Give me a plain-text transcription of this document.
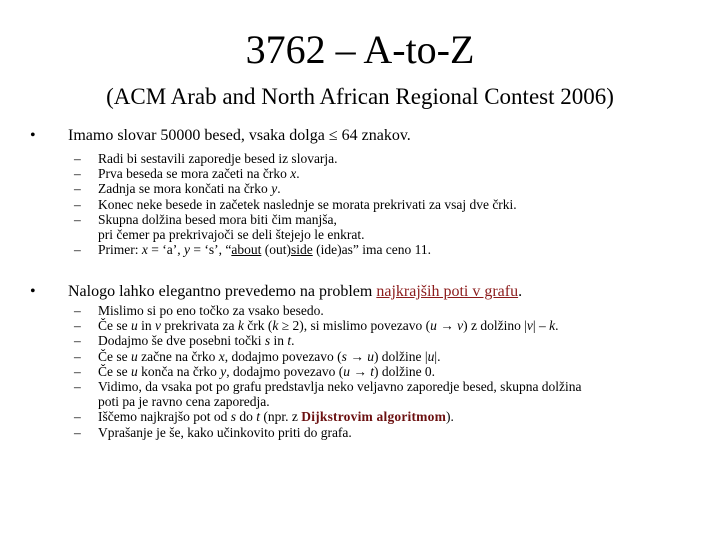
3762 – A-to-Z
(ACM Arab and North African Regional Contest 2006)
•	Imamo slovar 50000 besed, vsaka dolga ≤ 64 znakov.
– Radi bi sestavili zaporedje besed iz slovarja.
– Prva beseda se mora začeti na črko x.
– Zadnja se mora končati na črko y.
– Konec neke besede in začetek naslednje se morata prekrivati za vsaj dve črki.
– Skupna dolžina besed mora biti čim manjša,
pri čemer pa prekrivajoči se deli štejejo le enkrat.
– Primer: x = ‘a’, y = ‘s’, “about (out)side (ide)as” ima ceno 11.
•	Nalogo lahko elegantno prevedemo na problem najkrajših poti v grafu.
– Mislimo si po eno točko za vsako besedo.
– Če se u in v prekrivata za k črk (k ≥ 2), si mislimo povezavo (u → v) z dolžino |v| – k.
– Dodajmo še dve posebni točki s in t.
– Če se u začne na črko x, dodajmo povezavo (s → u) dolžine |u|.
– Če se u konča na črko y, dodajmo povezavo (u → t) dolžine 0.
– Vidimo, da vsaka pot po grafu predstavlja neko veljavno zaporedje besed, skupna dolžina
poti pa je ravno cena zaporedja.
– Iščemo najkrajšo pot od s do t (npr. z Dijkstrovim algoritmom).
– Vprašanje je še, kako učinkovito priti do grafa.
